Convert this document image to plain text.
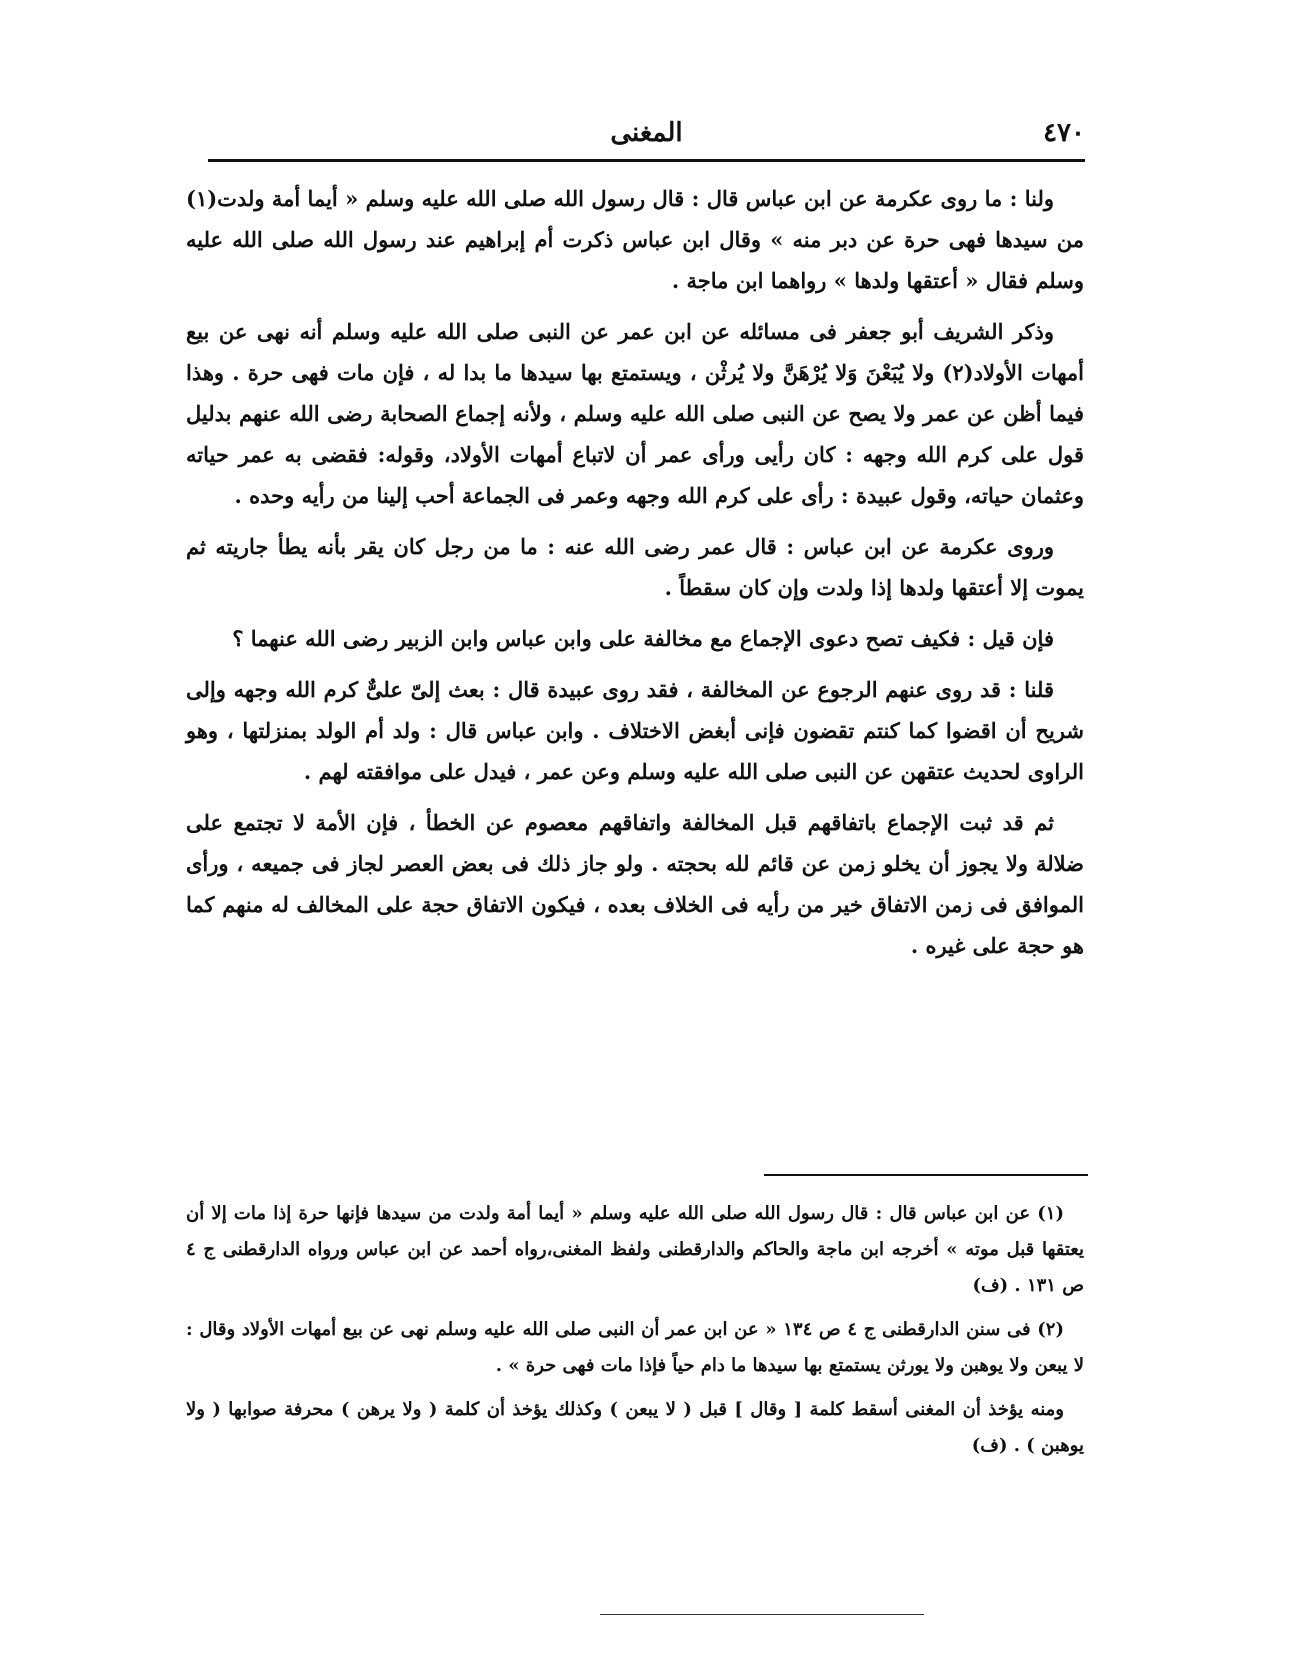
٤٧٠
المغنى

ولنا : ما روى عكرمة عن ابن عباس قال : قال رسول الله صلى الله عليه وسلم « أيما أمة ولدت(١) من سيدها فهى حرة عن دبر منه » وقال ابن عباس ذكرت أم إبراهيم عند رسول الله صلى الله عليه وسلم فقال « أعتقها ولدها » رواهما ابن ماجة .

وذكر الشريف أبو جعفر فى مسائله عن ابن عمر عن النبى صلى الله عليه وسلم أنه نهى عن بيع أمهات الأولاد(٢) ولا يُبَعْنَ وَلا يُرْهَنَّ ولا يُرثْن ، ويستمتع بها سيدها ما بدا له ، فإن مات فهى حرة . وهذا فيما أظن عن عمر ولا يصح عن النبى صلى الله عليه وسلم ، ولأنه إجماع الصحابة رضى الله عنهم بدليل قول على كرم الله وجهه : كان رأيى ورأى عمر أن لاتباع أمهات الأولاد، وقوله: فقضى به عمر حياته وعثمان حياته، وقول عبيدة : رأى على كرم الله وجهه وعمر فى الجماعة أحب إلينا من رأيه وحده .

وروى عكرمة عن ابن عباس : قال عمر رضى الله عنه : ما من رجل كان يقر بأنه يطأ جاريته ثم يموت إلا أعتقها ولدها إذا ولدت وإن كان سقطاً .

فإن قيل : فكيف تصح دعوى الإجماع مع مخالفة على وابن عباس وابن الزبير رضى الله عنهما ؟

قلنا : قد روى عنهم الرجوع عن المخالفة ، فقد روى عبيدة قال : بعث إلىّ علىٌّ كرم الله وجهه وإلى شريح أن اقضوا كما كنتم تقضون فإنى أبغض الاختلاف . وابن عباس قال : ولد أم الولد بمنزلتها ، وهو الراوى لحديث عتقهن عن النبى صلى الله عليه وسلم وعن عمر ، فيدل على موافقته لهم .

ثم قد ثبت الإجماع باتفاقهم قبل المخالفة واتفاقهم معصوم عن الخطأ ، فإن الأمة لا تجتمع على ضلالة ولا يجوز أن يخلو زمن عن قائم لله بحجته . ولو جاز ذلك فى بعض العصر لجاز فى جميعه ، ورأى الموافق فى زمن الاتفاق خير من رأيه فى الخلاف بعده ، فيكون الاتفاق حجة على المخالف له منهم كما هو حجة على غيره .

(١) عن ابن عباس قال : قال رسول الله صلى الله عليه وسلم « أيما أمة ولدت من سيدها فإنها حرة إذا مات إلا أن يعتقها قبل موته » أخرجه ابن ماجة والحاكم والدارقطنى ولفظ المغنى،رواه أحمد عن ابن عباس ورواه الدارقطنى ج ٤ ص ١٣١ . (ف)

(٢) فى سنن الدارقطنى ج ٤ ص ١٣٤ « عن ابن عمر أن النبى صلى الله عليه وسلم نهى عن بيع أمهات الأولاد وقال : لا يبعن ولا يوهبن ولا يورثن يستمتع بها سيدها ما دام حياً فإذا مات فهى حرة » .

ومنه يؤخذ أن المغنى أسقط كلمة [ وقال ] قبل ( لا يبعن ) وكذلك يؤخذ أن كلمة ( ولا يرهن ) محرفة صوابها ( ولا يوهبن ) . (ف)
